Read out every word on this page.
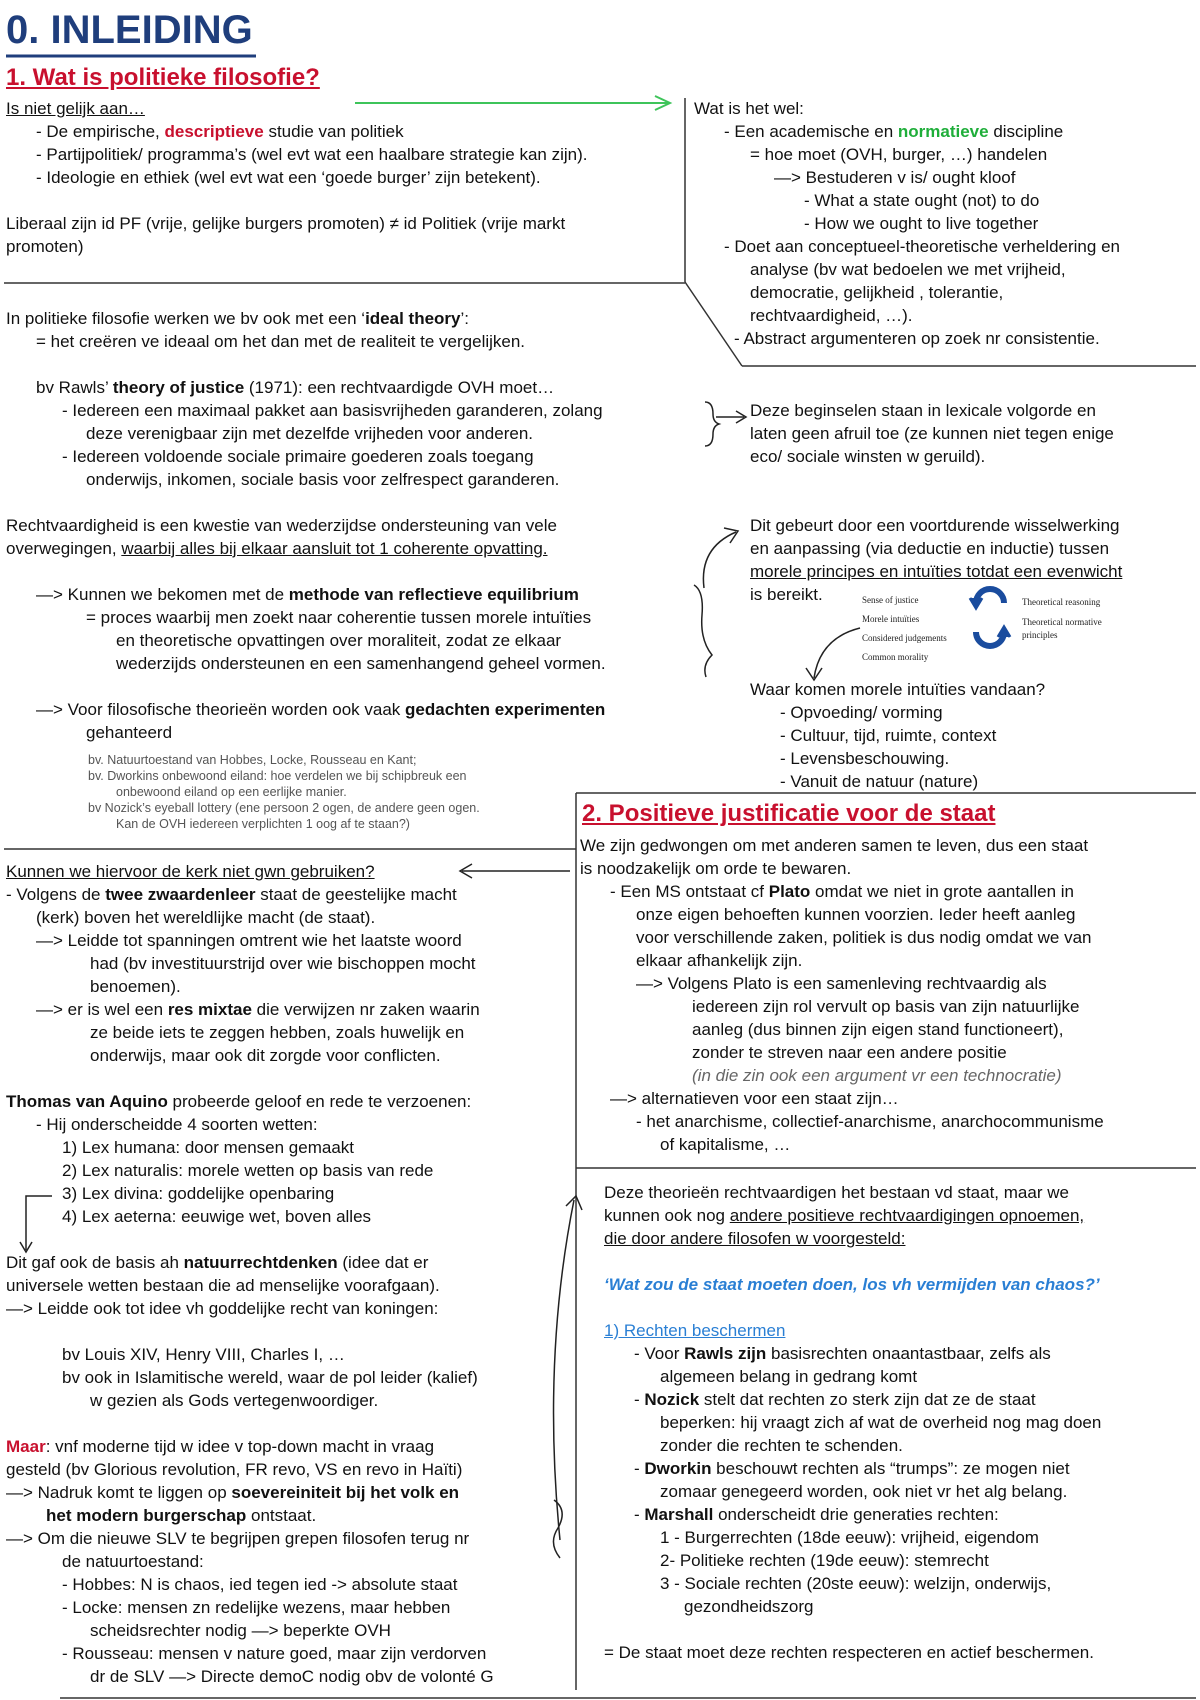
Sense of justice
Morele intuïties
Considered judgements
Common morality
Theoretical reasoning
Theoretical normative
principles
0. INLEIDING
1. Wat is politieke filosofie?
Is niet gelijk aan…
- De empirische, descriptieve studie van politiek
- Partijpolitiek/ programma’s (wel evt wat een haalbare strategie kan zijn).
- Ideologie en ethiek (wel evt wat een ‘goede burger’ zijn betekent).
Liberaal zijn id PF (vrije, gelijke burgers promoten) ≠ id Politiek (vrije markt
promoten)
Wat is het wel:
- Een academische en normatieve discipline
= hoe moet (OVH, burger, …) handelen
—> Bestuderen v is/ ought kloof
- What a state ought (not) to do
- How we ought to live together
- Doet aan conceptueel-theoretische verheldering en
analyse (bv wat bedoelen we met vrijheid,
democratie, gelijkheid , tolerantie,
rechtvaardigheid, …).
- Abstract argumenteren op zoek nr consistentie.
In politieke filosofie werken we bv ook met een ‘ideal theory’:
= het creëren ve ideaal om het dan met de realiteit te vergelijken.
bv Rawls’ theory of justice (1971): een rechtvaardigde OVH moet…
- Iedereen een maximaal pakket aan basisvrijheden garanderen, zolang
deze verenigbaar zijn met dezelfde vrijheden voor anderen.
- Iedereen voldoende sociale primaire goederen zoals toegang
onderwijs, inkomen, sociale basis voor zelfrespect garanderen.
Deze beginselen staan in lexicale volgorde en
laten geen afruil toe (ze kunnen niet tegen enige
eco/ sociale winsten w geruild).
Rechtvaardigheid is een kwestie van wederzijdse ondersteuning van vele
overwegingen, waarbij alles bij elkaar aansluit tot 1 coherente opvatting.
—> Kunnen we bekomen met de methode van reflectieve equilibrium
= proces waarbij men zoekt naar coherentie tussen morele intuïties
en theoretische opvattingen over moraliteit, zodat ze elkaar
wederzijds ondersteunen en een samenhangend geheel vormen.
—> Voor filosofische theorieën worden ook vaak gedachten experimenten
gehanteerd
bv. Natuurtoestand van Hobbes, Locke, Rousseau en Kant;
bv. Dworkins onbewoond eiland: hoe verdelen we bij schipbreuk een
onbewoond eiland op een eerlijke manier.
bv Nozick’s eyeball lottery (ene persoon 2 ogen, de andere geen ogen.
Kan de OVH iedereen verplichten 1 oog af te staan?)
Dit gebeurt door een voortdurende wisselwerking
en aanpassing (via deductie en inductie) tussen
morele principes en intuïties totdat een evenwicht
is bereikt.
Waar komen morele intuïties vandaan?
- Opvoeding/ vorming
- Cultuur, tijd, ruimte, context
- Levensbeschouwing.
- Vanuit de natuur (nature)
Kunnen we hiervoor de kerk niet gwn gebruiken?
- Volgens de twee zwaardenleer staat de geestelijke macht
(kerk) boven het wereldlijke macht (de staat).
—> Leidde tot spanningen omtrent wie het laatste woord
had (bv investituurstrijd over wie bischoppen mocht
benoemen).
—> er is wel een res mixtae die verwijzen nr zaken waarin
ze beide iets te zeggen hebben, zoals huwelijk en
onderwijs, maar ook dit zorgde voor conflicten.
Thomas van Aquino probeerde geloof en rede te verzoenen:
- Hij onderscheidde 4 soorten wetten:
1) Lex humana: door mensen gemaakt
2) Lex naturalis: morele wetten op basis van rede
3) Lex divina: goddelijke openbaring
4) Lex aeterna: eeuwige wet, boven alles
Dit gaf ook de basis ah natuurrechtdenken (idee dat er
universele wetten bestaan die ad menselijke voorafgaan).
—> Leidde ook tot idee vh goddelijke recht van koningen:
bv Louis XIV, Henry VIII, Charles I, …
bv ook in Islamitische wereld, waar de pol leider (kalief)
w gezien als Gods vertegenwoordiger.
Maar: vnf moderne tijd w idee v top-down macht in vraag
gesteld (bv Glorious revolution, FR revo, VS en revo in Haïti)
—> Nadruk komt te liggen op soevereiniteit bij het volk en
het modern burgerschap ontstaat.
—> Om die nieuwe SLV te begrijpen grepen filosofen terug nr
de natuurtoestand:
- Hobbes: N is chaos, ied tegen ied -> absolute staat
- Locke: mensen zn redelijke wezens, maar hebben
scheidsrechter nodig —> beperkte OVH
- Rousseau: mensen v nature goed, maar zijn verdorven
dr de SLV —> Directe demoC nodig obv de volonté G
2. Positieve justificatie voor de staat
We zijn gedwongen om met anderen samen te leven, dus een staat
is noodzakelijk om orde te bewaren.
- Een MS ontstaat cf Plato omdat we niet in grote aantallen in
onze eigen behoeften kunnen voorzien. Ieder heeft aanleg
voor verschillende zaken, politiek is dus nodig omdat we van
elkaar afhankelijk zijn.
—> Volgens Plato is een samenleving rechtvaardig als
iedereen zijn rol vervult op basis van zijn natuurlijke
aanleg (dus binnen zijn eigen stand functioneert),
zonder te streven naar een andere positie
(in die zin ook een argument vr een technocratie)
—> alternatieven voor een staat zijn…
- het anarchisme, collectief-anarchisme, anarchocommunisme
of kapitalisme, …
Deze theorieën rechtvaardigen het bestaan vd staat, maar we
kunnen ook nog andere positieve rechtvaardigingen opnoemen,
die door andere filosofen w voorgesteld:
‘Wat zou de staat moeten doen, los vh vermijden van chaos?’
1) Rechten beschermen
- Voor Rawls zijn basisrechten onaantastbaar, zelfs als
algemeen belang in gedrang komt
- Nozick stelt dat rechten zo sterk zijn dat ze de staat
beperken: hij vraagt zich af wat de overheid nog mag doen
zonder die rechten te schenden.
- Dworkin beschouwt rechten als “trumps”: ze mogen niet
zomaar genegeerd worden, ook niet vr het alg belang.
- Marshall onderscheidt drie generaties rechten:
1 - Burgerrechten (18de eeuw): vrijheid, eigendom
2- Politieke rechten (19de eeuw): stemrecht
3 - Sociale rechten (20ste eeuw): welzijn, onderwijs,
gezondheidszorg
= De staat moet deze rechten respecteren en actief beschermen.
